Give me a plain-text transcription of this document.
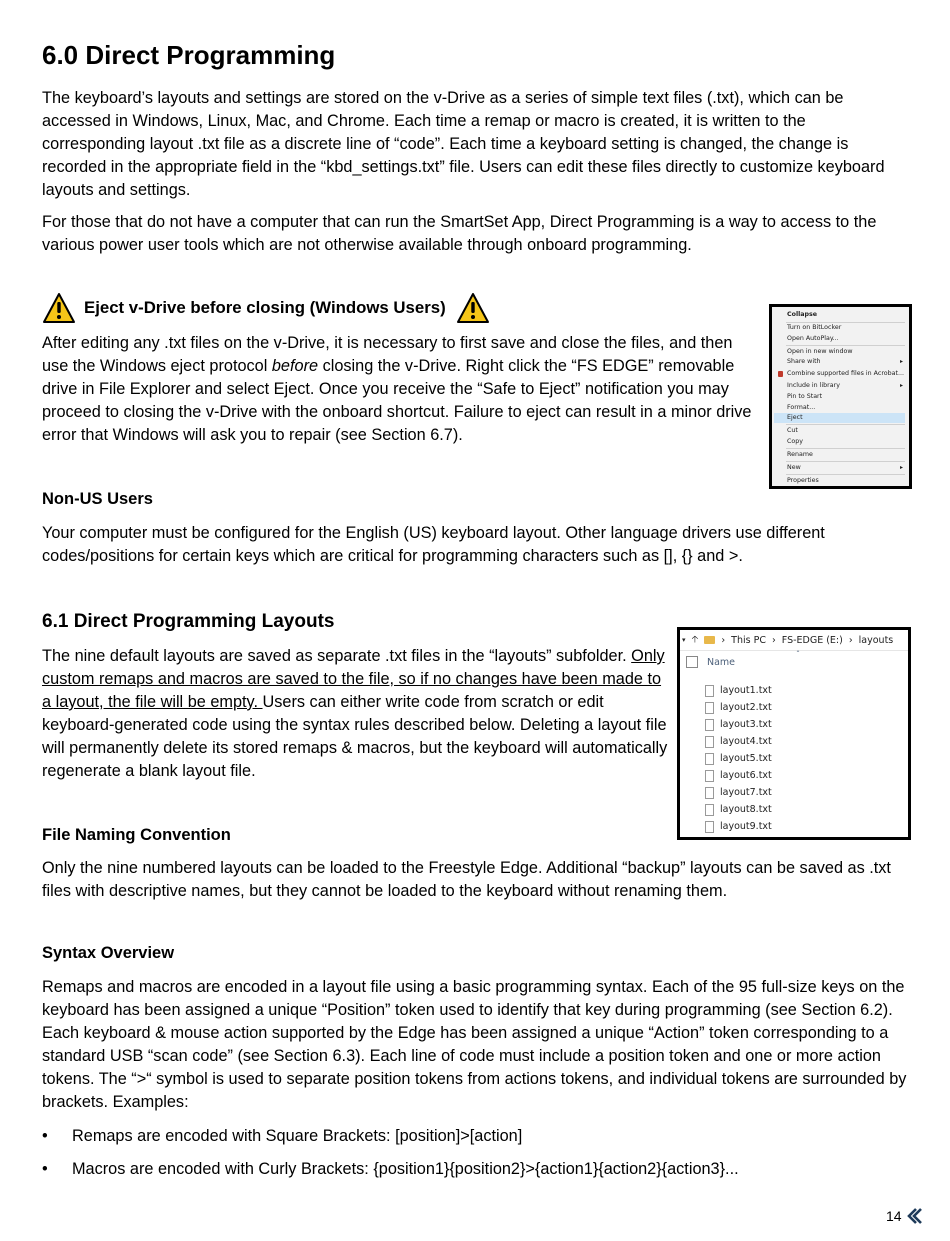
6.0 Direct Programming

The keyboard’s layouts and settings are stored on the v-Drive as a series of simple text files (.txt), which can be accessed in Windows, Linux, Mac, and Chrome. Each time a remap or macro is created, it is written to the corresponding layout .txt file as a discrete line of “code”. Each time a keyboard setting is changed, the change is recorded in the appropriate field in the “kbd_settings.txt” file. Users can edit these files directly to customize keyboard layouts and settings.

For those that do not have a computer that can run the SmartSet App, Direct Programming is a way to access to the various power user tools which are not otherwise available through onboard programming.

Eject v-Drive before closing (Windows Users)

After editing any .txt files on the v-Drive, it is necessary to first save and close the files, and then use the Windows eject protocol before closing the v-Drive. Right click the “FS EDGE” removable drive in File Explorer and select Eject. Once you receive the “Safe to Eject” notification you may proceed to closing the v-Drive with the onboard shortcut. Failure to eject can result in a minor drive error that Windows will ask you to repair (see Section 6.7).

Collapse
Turn on BitLocker
Open AutoPlay...
Open in new window
Share with	▸
Combine supported files in Acrobat...
Include in library	▸
Pin to Start
Format...
Eject
Cut
Copy
Rename
New	▸
Properties
Non-US Users

Your computer must be configured for the English (US) keyboard layout. Other language drivers use different codes/positions for certain keys which are critical for programming characters such as [], {} and >.

6.1 Direct Programming Layouts

The nine default layouts are saved as separate .txt files in the “layouts” subfolder. Only custom remaps and macros are saved to the file, so if no changes have been made to a layout, the file will be empty. Users can either write code from scratch or edit keyboard-generated code using the syntax rules described below. Deleting a layout file will permanently delete its stored remaps & macros, but the keyboard will automatically regenerate a blank layout file.

▾ 🡡 › This PC › FS-EDGE (E:) › layouts
ˆ
Name
layout1.txt
layout2.txt
layout3.txt
layout4.txt
layout5.txt
layout6.txt
layout7.txt
layout8.txt
layout9.txt
File Naming Convention

Only the nine numbered layouts can be loaded to the Freestyle Edge. Additional “backup” layouts can be saved as .txt files with descriptive names, but they cannot be loaded to the keyboard without renaming them.

Syntax Overview

Remaps and macros are encoded in a layout file using a basic programming syntax. Each of the 95 full-size keys on the keyboard has been assigned a unique “Position” token used to identify that key during programming (see Section 6.2). Each keyboard & mouse action supported by the Edge has been assigned a unique “Action” token corresponding to a standard USB “scan code” (see Section 6.3). Each line of code must include a position token and one or more action tokens. The “>“ symbol is used to separate position tokens from actions tokens, and individual tokens are surrounded by brackets. Examples:

• Remaps are encoded with Square Brackets: [position]>[action]
• Macros are encoded with Curly Brackets: {position1}{position2}>{action1}{action2}{action3}...
14
